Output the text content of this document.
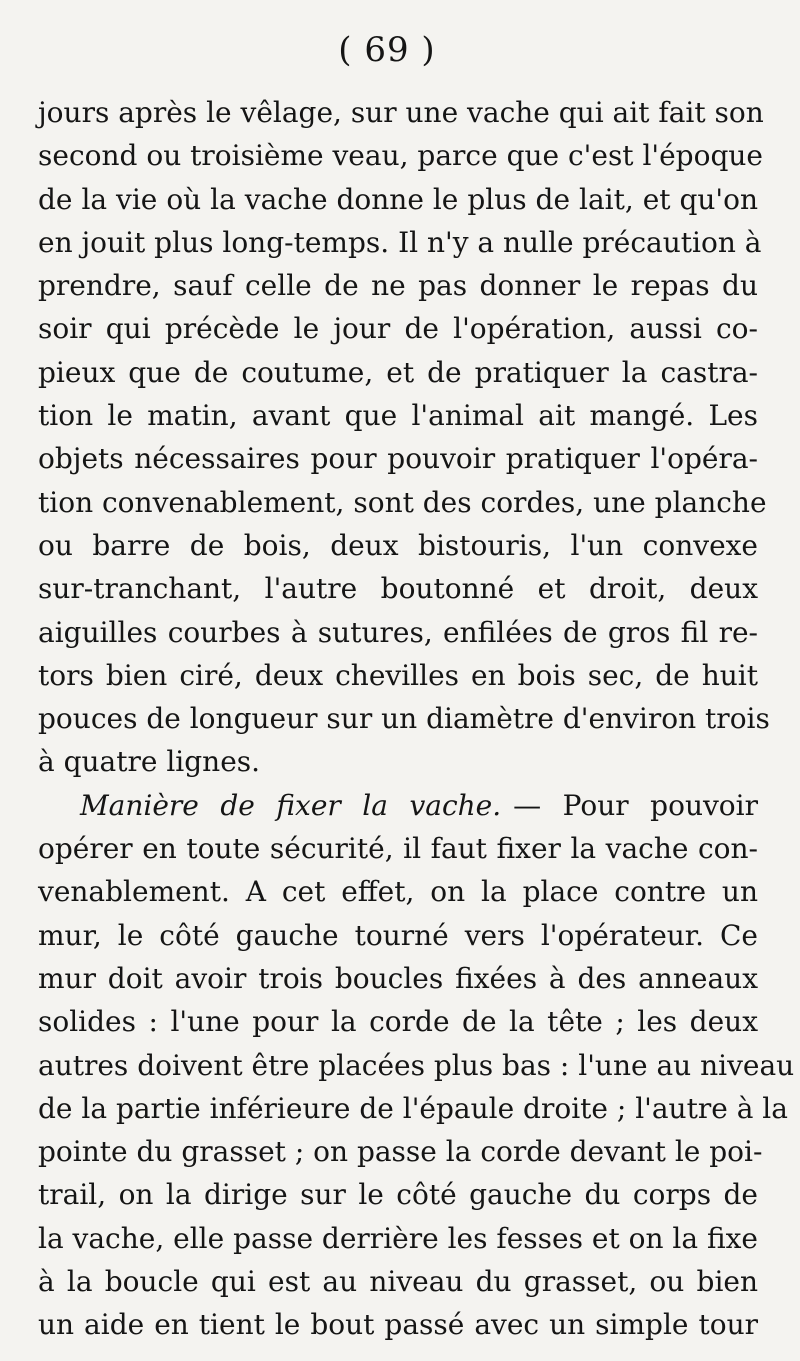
( 69 )
jours après le vêlage, sur une vache qui ait fait son
second ou troisième veau, parce que c'est l'époque
de la vie où la vache donne le plus de lait, et qu'on
en jouit plus long-temps. Il n'y a nulle précaution à
prendre, sauf celle de ne pas donner le repas du
soir qui précède le jour de l'opération, aussi co-
pieux que de coutume, et de pratiquer la castra-
tion le matin, avant que l'animal ait mangé. Les
objets nécessaires pour pouvoir pratiquer l'opéra-
tion convenablement, sont des cordes, une planche
ou barre de bois, deux bistouris, l'un convexe
sur-tranchant, l'autre boutonné et droit, deux
aiguilles courbes à sutures, enfilées de gros fil re-
tors bien ciré, deux chevilles en bois sec, de huit
pouces de longueur sur un diamètre d'environ trois
à quatre lignes.
Manière de fixer la vache. — Pour pouvoir
opérer en toute sécurité, il faut fixer la vache con-
venablement. A cet effet, on la place contre un
mur, le côté gauche tourné vers l'opérateur. Ce
mur doit avoir trois boucles fixées à des anneaux
solides : l'une pour la corde de la tête ; les deux
autres doivent être placées plus bas : l'une au niveau
de la partie inférieure de l'épaule droite ; l'autre à la
pointe du grasset ; on passe la corde devant le poi-
trail, on la dirige sur le côté gauche du corps de
la vache, elle passe derrière les fesses et on la fixe
à la boucle qui est au niveau du grasset, ou bien
un aide en tient le bout passé avec un simple tour
